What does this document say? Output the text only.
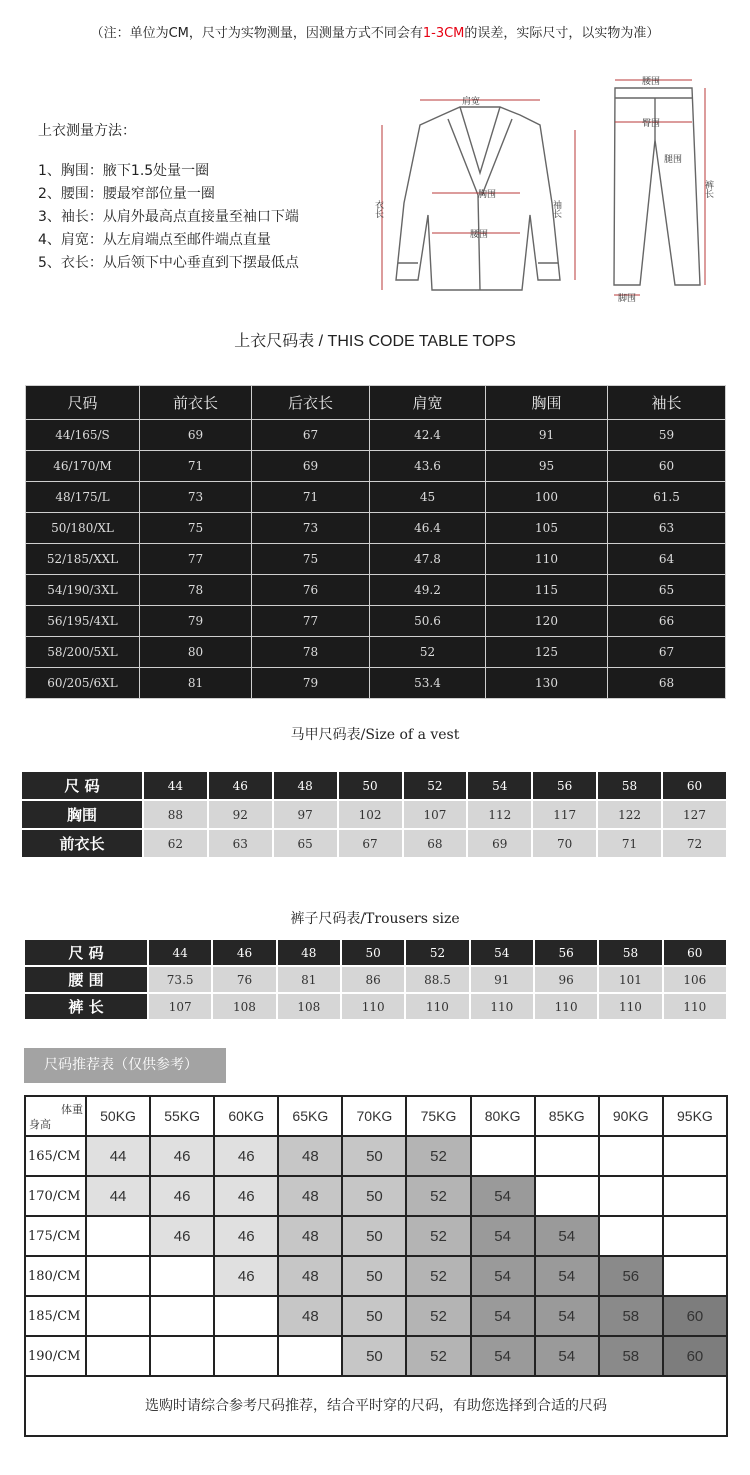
（注：单位为CM，尺寸为实物测量，因测量方式不同会有1-3CM的误差，实际尺寸，以实物为准）
上衣测量方法：
1、胸围：腋下1.5处量一圈
2、腰围：腰最窄部位量一圈
3、袖长：从肩外最高点直接量至袖口下端
4、肩宽：从左肩端点至邮件端点直量
5、衣长：从后领下中心垂直到下摆最低点
肩宽
胸围
腰围
衣长	袖长
腰围
臀围
腿围
裤长
脚围
上衣尺码表 / THIS CODE TABLE TOPS
尺码	前衣长	后衣长	肩宽	胸围	袖长
44/165/S	69	67	42.4	91	59
46/170/M	71	69	43.6	95	60
48/175/L	73	71	45	100	61.5
50/180/XL	75	73	46.4	105	63
52/185/XXL	77	75	47.8	110	64
54/190/3XL	78	76	49.2	115	65
56/195/4XL	79	77	50.6	120	66
58/200/5XL	80	78	52	125	67
60/205/6XL	81	79	53.4	130	68
马甲尺码表/Size of a vest
尺 码	44	46	48	50	52	54	56	58	60
胸围	88	92	97	102	107	112	117	122	127
前衣长	62	63	65	67	68	69	70	71	72
裤子尺码表/Trousers size
尺 码	44	46	48	50	52	54	56	58	60
腰 围	73.5	76	81	86	88.5	91	96	101	106
裤 长	107	108	108	110	110	110	110	110	110
尺码推荐表（仅供参考）
体重
身高	50KG	55KG	60KG	65KG	70KG	75KG	80KG	85KG	90KG	95KG
165/CM	44	46	46	48	50	52				
170/CM	44	46	46	48	50	52	54			
175/CM		46	46	48	50	52	54	54		
180/CM			46	48	50	52	54	54	56	
185/CM				48	50	52	54	54	58	60
190/CM					50	52	54	54	58	60
选购时请综合参考尺码推荐，结合平时穿的尺码，有助您选择到合适的尺码
